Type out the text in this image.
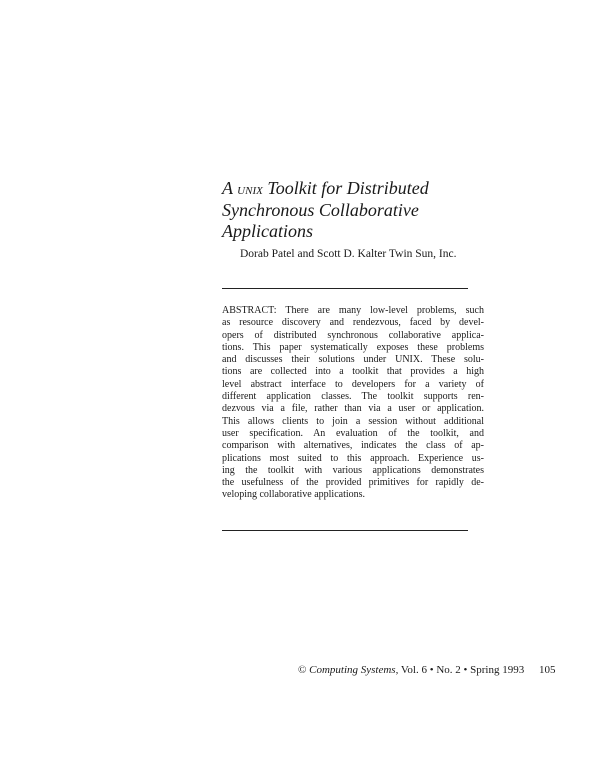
A unix Toolkit for Distributed
Synchronous Collaborative
Applications
Dorab Patel and Scott D. Kalter Twin Sun, Inc.
ABSTRACT: There are many low-level problems, such
as resource discovery and rendezvous, faced by devel-
opers of distributed synchronous collaborative applica-
tions. This paper systematically exposes these problems
and discusses their solutions under UNIX. These solu-
tions are collected into a toolkit that provides a high
level abstract interface to developers for a variety of
different application classes. The toolkit supports ren-
dezvous via a file, rather than via a user or application.
This allows clients to join a session without additional
user specification. An evaluation of the toolkit, and
comparison with alternatives, indicates the class of ap-
plications most suited to this approach. Experience us-
ing the toolkit with various applications demonstrates
the usefulness of the provided primitives for rapidly de-
veloping collaborative applications.
© Computing Systems, Vol. 6 • No. 2 • Spring 1993 105
